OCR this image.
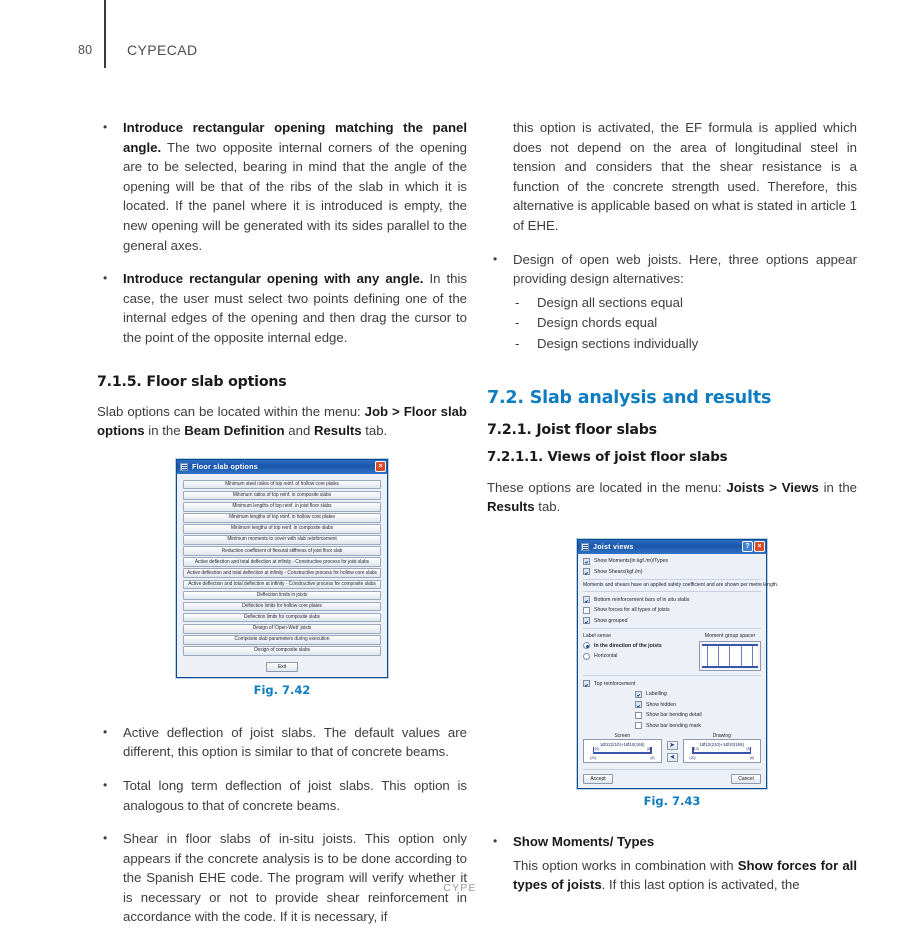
80	CYPECAD
•	Introduce rectangular opening matching the panel angle. The two opposite internal corners of the opening are to be selected, bearing in mind that the angle of the opening will be that of the ribs of the slab in which it is located. If the panel where it is introduced is empty, the new opening will be generated with its sides parallel to the general axes.
•	Introduce rectangular opening with any angle. In this case, the user must select two points defining one of the internal edges of the opening and then drag the cursor to the point of the opposite internal edge.
7.1.5. Floor slab options

Slab options can be located within the menu: Job > Floor slab options in the Beam Definition and Results tab.

Floor slab options	×
Minimum steel ratios of top reinf. of hollow core plates
Minimum ratios of top reinf. in composite slabs
Minimum lengths of top reinf. in joist floor slabs
Minimum lengths of top reinf. in hollow core plates
Minimum lengths of top reinf. in composite slabs
Minimum moments to cover with slab reinforcement
Reduction coefficient of flexural stiffness of joist floor slab
Active deflection and total deflection at infinity - Constructive process for joist slabs
Active deflection and total deflection at infinity - Constructive process for hollow core slabs
Active deflection and total deflection at infinity - Constructive process for composite slabs
Deflection limits in joists
Deflection limits for hollow core plates
Deflection limits for composite slabs
Design of 'Open-Web' joists
Composite slab parameters during execution
Design of composite slabs
Exit
Fig. 7.42
•	Active deflection of joist slabs. The default values are different, this option is similar to that of concrete beams.
•	Total long term deflection of joist slabs. This option is analogous to that of concrete beams.
•	Shear in floor slabs of in-situ joists. This option only appears if the concrete analysis is to be done according to the Spanish EHE code. The program will verify whether it is necessary or not to provide shear reinforcement in accordance with the code. If it is necessary, if

this option is activated, the EF formula is applied which does not depend on the area of longitudinal steel in tension and considers that the shear resistance is a function of the concrete strength used. Therefore, this alternative is applicable based on what is stated in article 1 of EHE.

•	Design of open web joists. Here, three options appear providing design alternatives:
-	Design all sections equal
-	Design chords equal
-	Design sections individually
7.2. Slab analysis and results
7.2.1. Joist floor slabs
7.2.1.1. Views of joist floor slabs

These options are located in the menu: Joists > Views in the Results tab.

Joist views	?	×
Show Moments(in kgf./m)/Types
Show Shears(kgf./m)
Moments and shears have an applied safety coefficient and are shown per metre length.
Bottom reinforcement bars of in situ slabs
Show forces for all types of joists
Show grouped
Label sense
In the direction of the joists
Horizontal
Moment group spacer
Top reinforcement
Labelling
Show hidden
Show bar bending detail
Show bar bending mark
Screen	Drawing
1Ø12(210)+1Ø10(165)
(10)
(20)
(8)
(6)
➤
➤
1Ø12(210)+1Ø10(165)
(10)
(20)
(8)
(6)
Accept	Cancel
Fig. 7.43
•	Show Moments/ Types

This option works in combination with Show forces for all types of joists. If this last option is activated, the

CYPE
